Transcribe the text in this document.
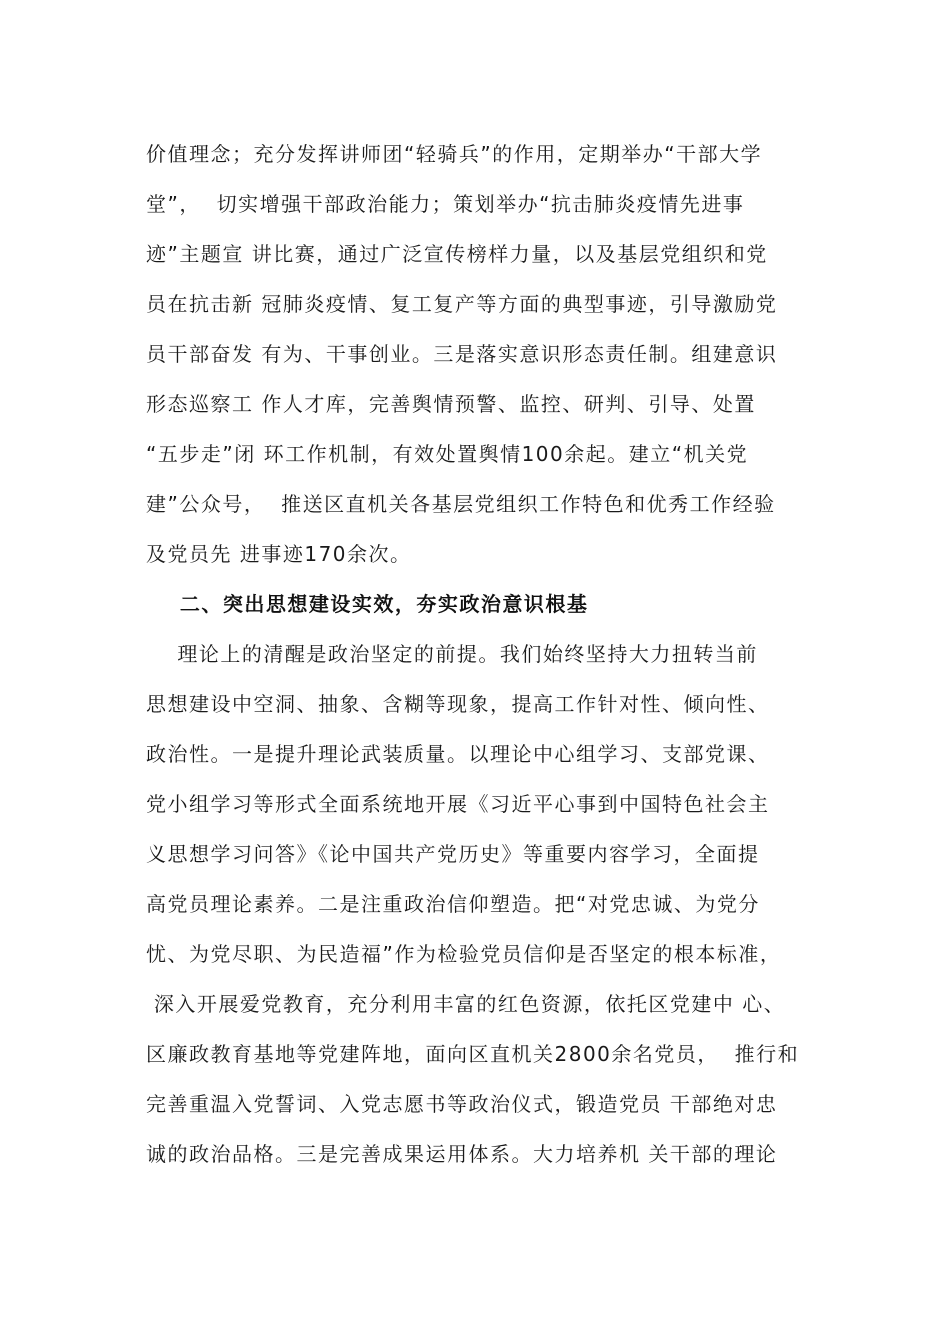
价值理念；充分发挥讲师团“轻骑兵”的作用，定期举办“干部大学
堂”，  切实增强干部政治能力；策划举办“抗击肺炎疫情先进事
迹”主题宣 讲比赛，通过广泛宣传榜样力量，以及基层党组织和党
员在抗击新 冠肺炎疫情、复工复产等方面的典型事迹，引导激励党
员干部奋发 有为、干事创业。三是落实意识形态责任制。组建意识
形态巡察工 作人才库，完善舆情预警、监控、研判、引导、处置
“五步走”闭 环工作机制，有效处置舆情100余起。建立“机关党
建”公众号，  推送区直机关各基层党组织工作特色和优秀工作经验
及党员先 进事迹170余次。
二、突出思想建设实效，夯实政治意识根基
理论上的清醒是政治坚定的前提。我们始终坚持大力扭转当前
思想建设中空洞、抽象、含糊等现象，提高工作针对性、倾向性、
政治性。一是提升理论武装质量。以理论中心组学习、支部党课、
党小组学习等形式全面系统地开展《习近平心事到中国特色社会主
义思想学习问答》《论中国共产党历史》等重要内容学习，全面提
高党员理论素养。二是注重政治信仰塑造。把“对党忠诚、为党分
忧、为党尽职、为民造福”作为检验党员信仰是否坚定的根本标准，
深入开展爱党教育，充分利用丰富的红色资源，依托区党建中 心、
区廉政教育基地等党建阵地，面向区直机关2800余名党员，  推行和
完善重温入党誓词、入党志愿书等政治仪式，锻造党员 干部绝对忠
诚的政治品格。三是完善成果运用体系。大力培养机 关干部的理论
